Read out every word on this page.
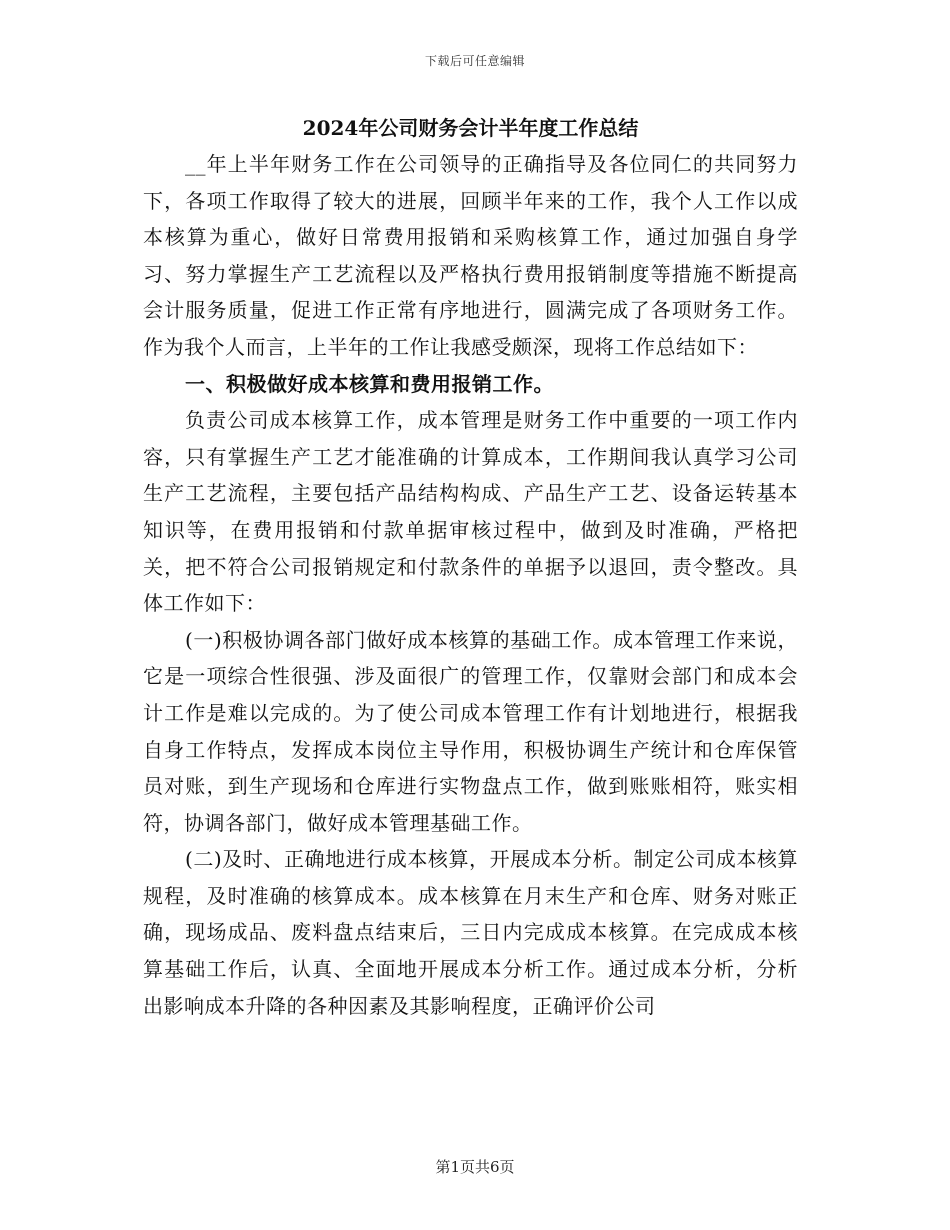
下载后可任意编辑
2024年公司财务会计半年度工作总结

__年上半年财务工作在公司领导的正确指导及各位同仁的共同努力下，各项工作取得了较大的进展，回顾半年来的工作，我个人工作以成本核算为重心，做好日常费用报销和采购核算工作，通过加强自身学习、努力掌握生产工艺流程以及严格执行费用报销制度等措施不断提高会计服务质量，促进工作正常有序地进行，圆满完成了各项财务工作。作为我个人而言，上半年的工作让我感受颇深，现将工作总结如下：

一、积极做好成本核算和费用报销工作。

负责公司成本核算工作，成本管理是财务工作中重要的一项工作内容，只有掌握生产工艺才能准确的计算成本，工作期间我认真学习公司生产工艺流程，主要包括产品结构构成、产品生产工艺、设备运转基本知识等，在费用报销和付款单据审核过程中，做到及时准确，严格把关，把不符合公司报销规定和付款条件的单据予以退回，责令整改。具体工作如下：

(一)积极协调各部门做好成本核算的基础工作。成本管理工作来说，它是一项综合性很强、涉及面很广的管理工作，仅靠财会部门和成本会计工作是难以完成的。为了使公司成本管理工作有计划地进行，根据我自身工作特点，发挥成本岗位主导作用，积极协调生产统计和仓库保管员对账，到生产现场和仓库进行实物盘点工作，做到账账相符，账实相符，协调各部门，做好成本管理基础工作。

(二)及时、正确地进行成本核算，开展成本分析。制定公司成本核算规程，及时准确的核算成本。成本核算在月末生产和仓库、财务对账正确，现场成品、废料盘点结束后，三日内完成成本核算。在完成成本核算基础工作后，认真、全面地开展成本分析工作。通过成本分析，分析出影响成本升降的各种因素及其影响程度，正确评价公司

第1页共6页
